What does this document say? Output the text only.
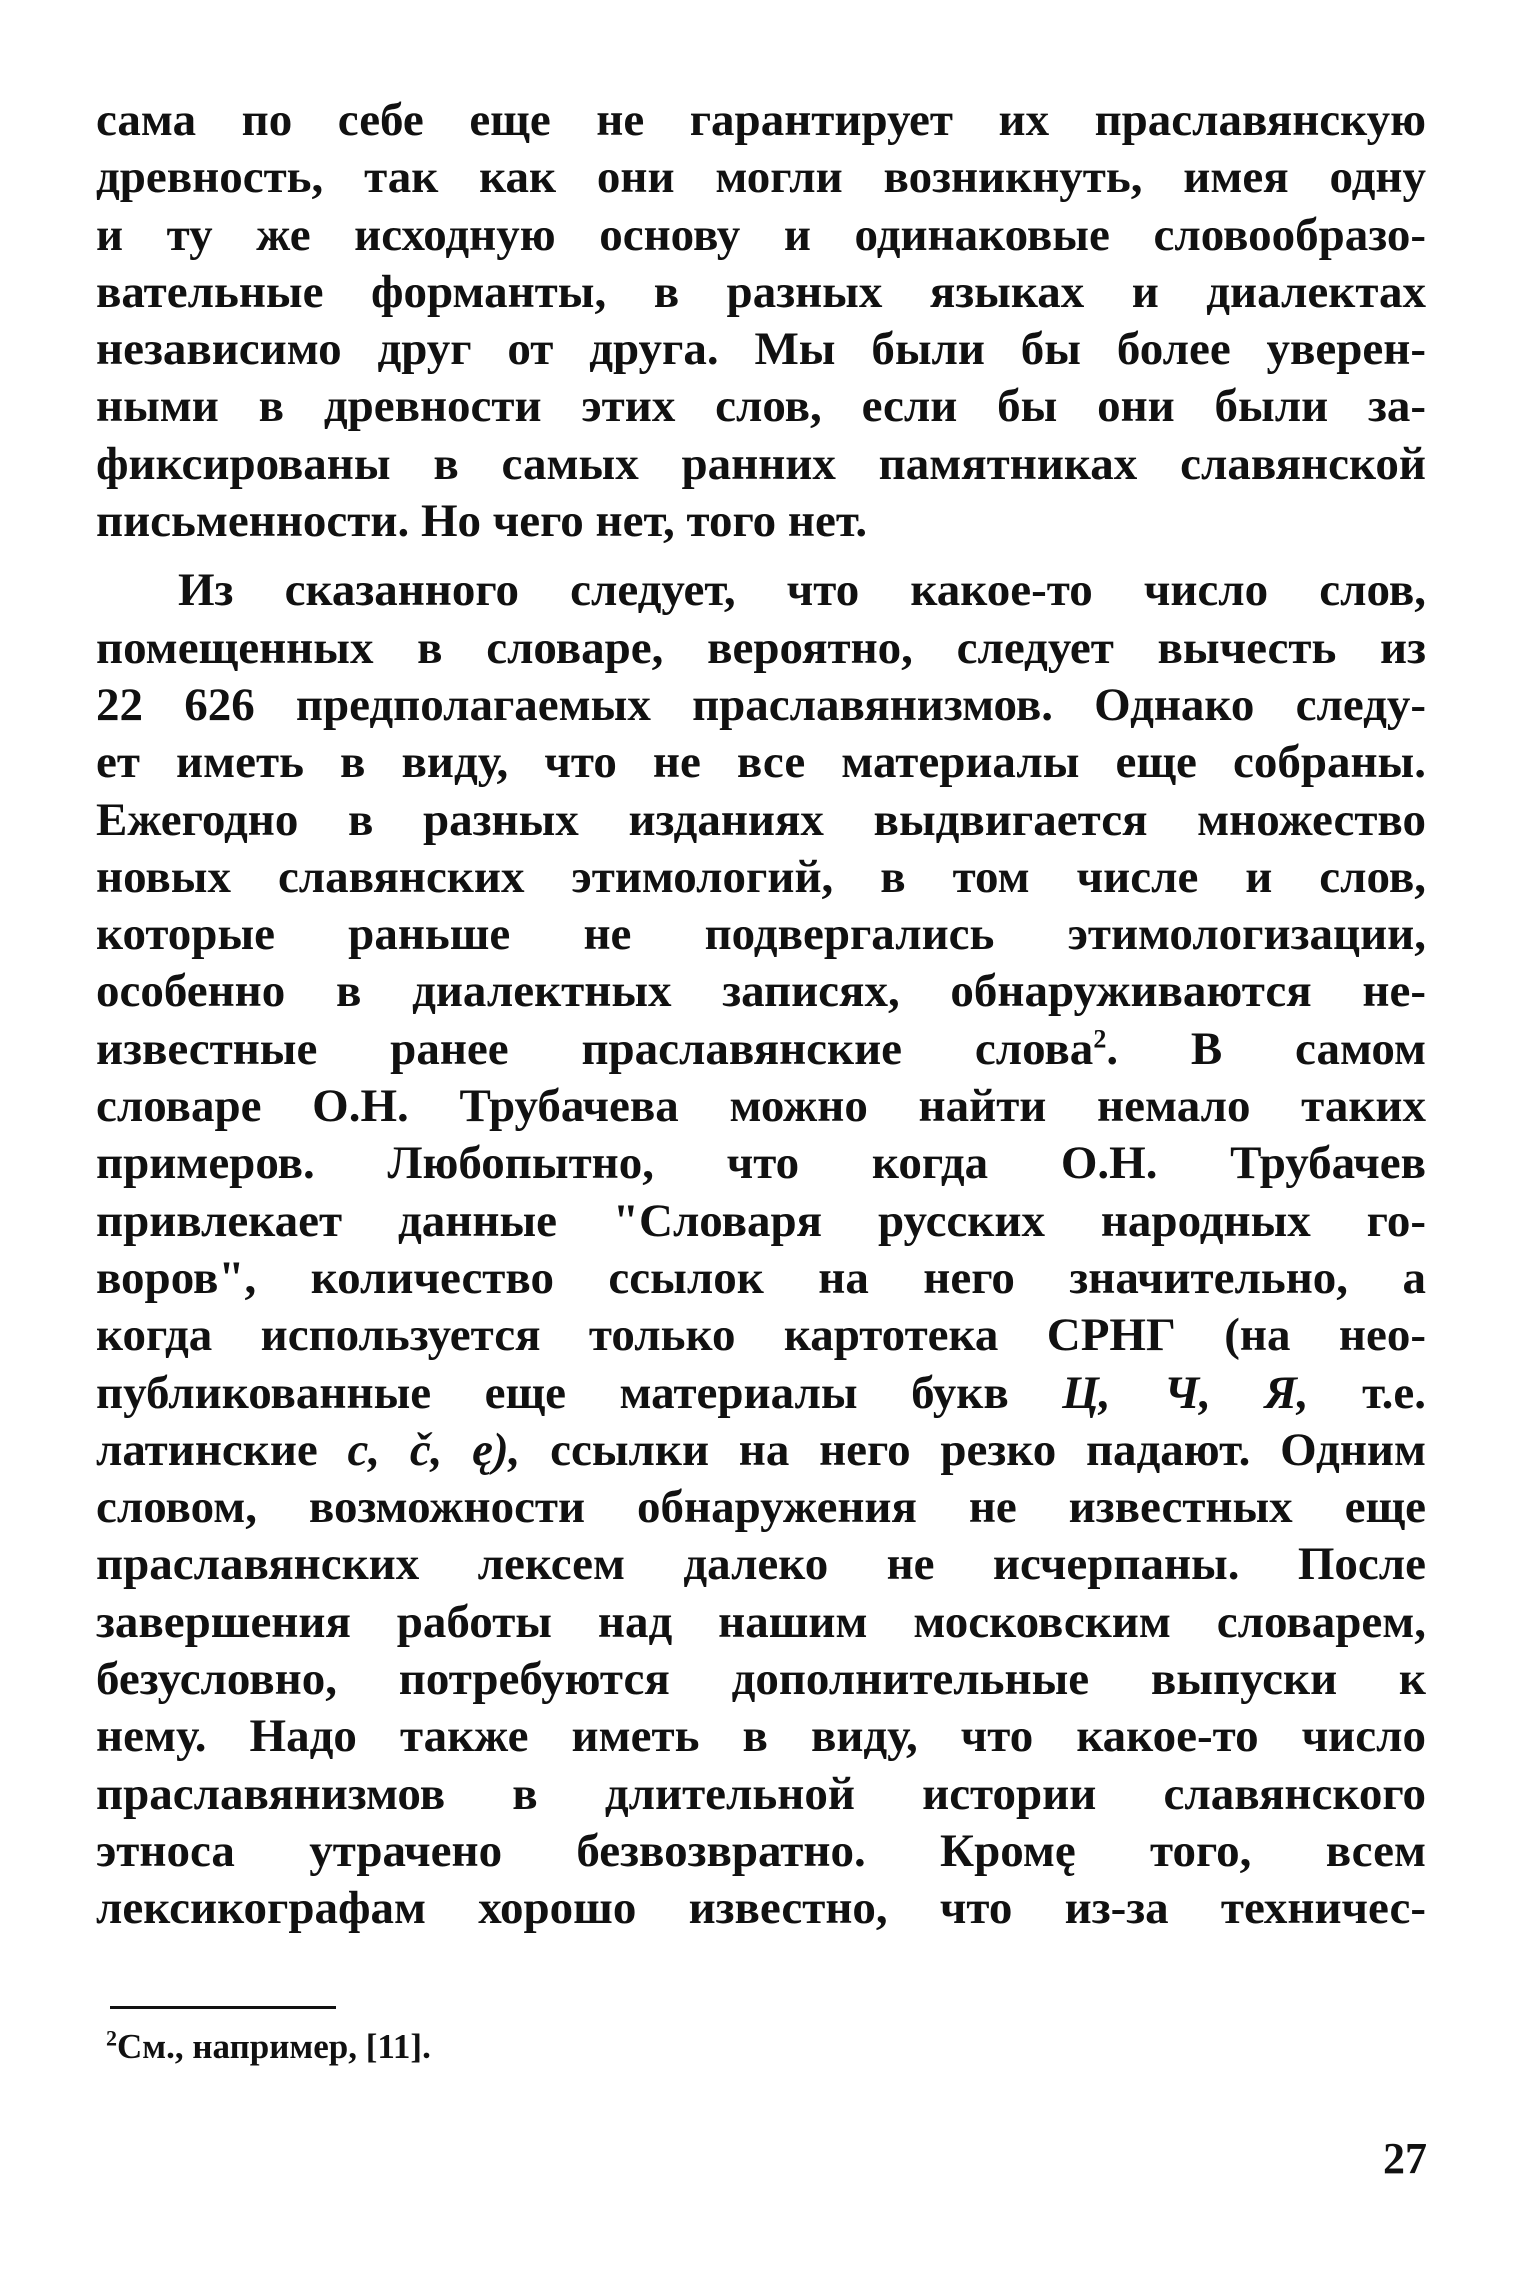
сама по себе еще не гарантирует их праславянскую
древность, так как они могли возникнуть, имея одну
и ту же исходную основу и одинаковые словообразо-
вательные форманты, в разных языках и диалектах
независимо друг от друга. Мы были бы более уверен-
ными в древности этих слов, если бы они были за-
фиксированы в самых ранних памятниках славянской
письменности. Но чего нет, того нет.
Из сказанного следует, что какое-то число слов,
помещенных в словаре, вероятно, следует вычесть из
22 626 предполагаемых праславянизмов. Однако следу-
ет иметь в виду, что не все материалы еще собраны.
Ежегодно в разных изданиях выдвигается множество
новых славянских этимологий, в том числе и слов,
которые раньше не подвергались этимологизации,
особенно в диалектных записях, обнаруживаются не-
известные ранее праславянские слова$^2$. В самом
словаре О.Н. Трубачева можно найти немало таких
примеров. Любопытно, что когда О.Н. Трубачев
привлекает данные "Словаря русских народных го-
воров", количество ссылок на него значительно, а
когда используется только картотека СРНГ (на нео-
публикованные еще материалы букв Ц, Ч, Я, т.е.
латинские c, č, ę), ссылки на него резко падают. Одним
словом, возможности обнаружения не известных еще
праславянских лексем далеко не исчерпаны. После
завершения работы над нашим московским словарем,
безусловно, потребуются дополнительные выпуски к
нему. Надо также иметь в виду, что какое-то число
праславянизмов в длительной истории славянского
этноса утрачено безвозвратно. Кромę того, всем
лексикографам хорошо известно, что из-за техничес-
$^2$См., например, [11].
27
